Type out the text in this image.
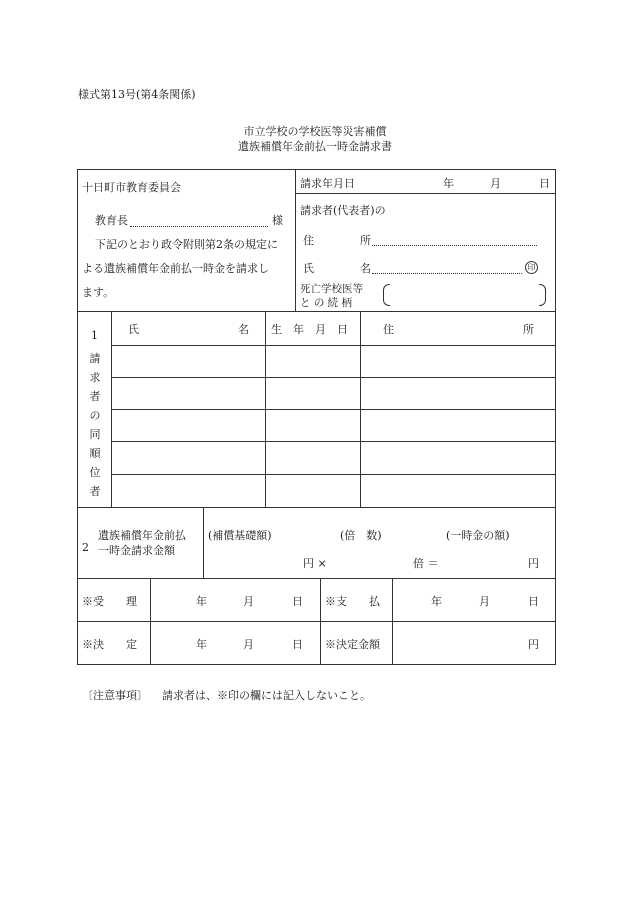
様式第13号(第4条関係)
市立学校の学校医等災害補償
遺族補償年金前払一時金請求書
十日町市教育委員会
教育長	様
下記のとおり政令附則第2条の規定に
よる遺族補償年金前払一時金を請求し
ます。
請求年月日	年	月	日
請求者(代表者)の
住	所
氏	名	印
死亡学校医等
と の 続 柄
1
請
求
者
の
同
順
位
者
氏	名 生　年　月　日	住	所
2
遺族補償年金前払
一時金請求金額
(補償基礎額)	(倍　数)	(一時金の額)
円 ×	倍 ＝	円
※受　　理	年	月	日 ※支　　払	年	月	日
※決　　定	年	月	日 ※決定金額	円
〔注意事項〕 請求者は、※印の欄には記入しないこと。
